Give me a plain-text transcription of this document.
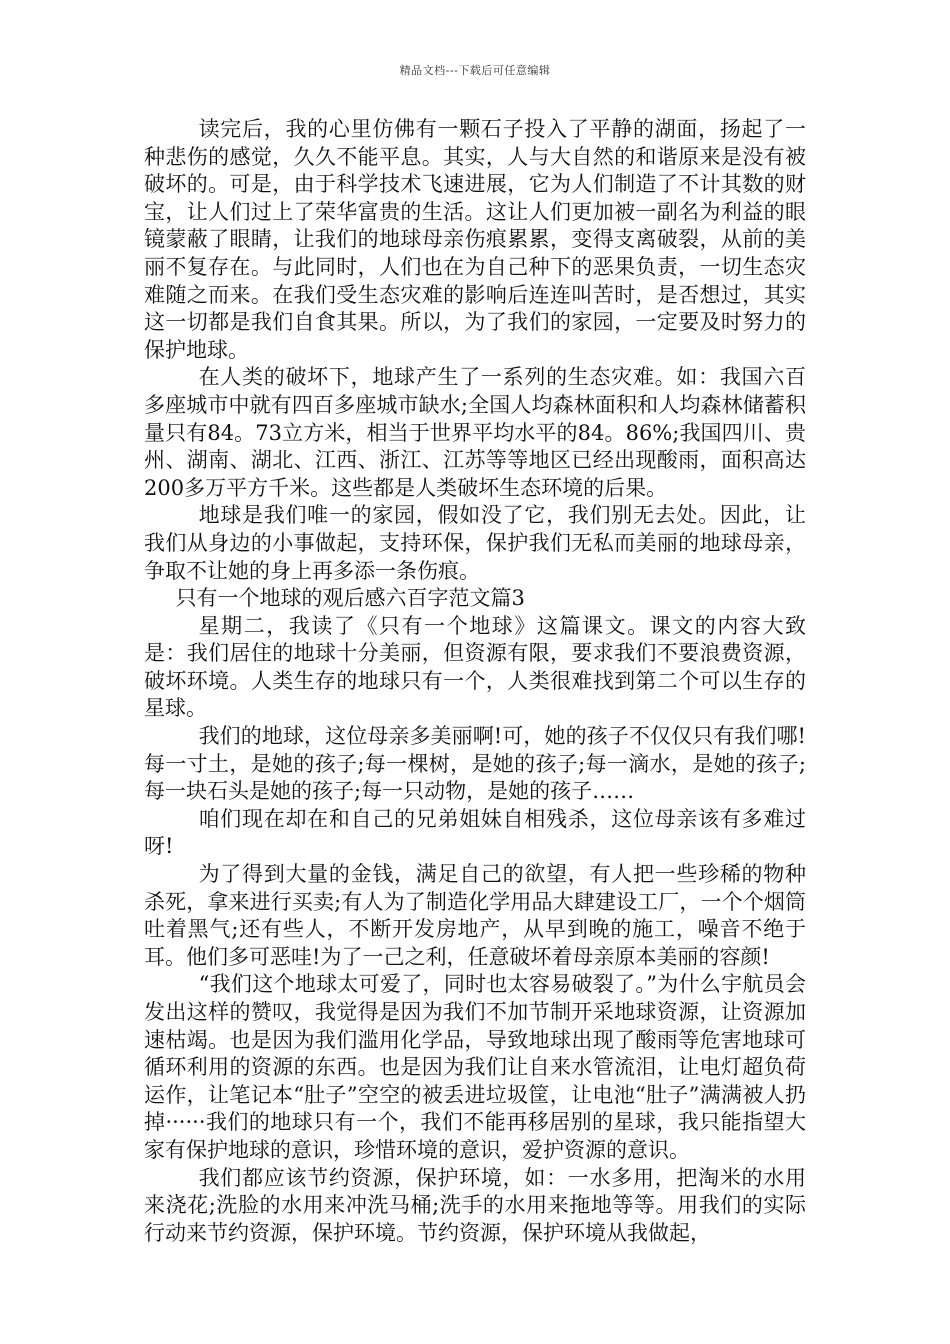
精品文档---下载后可任意编辑

读完后，我的心里仿佛有一颗石子投入了平静的湖面，扬起了一种悲伤的感觉，久久不能平息。其实，人与大自然的和谐原来是没有被破坏的。可是，由于科学技术飞速进展，它为人们制造了不计其数的财宝，让人们过上了荣华富贵的生活。这让人们更加被一副名为利益的眼镜蒙蔽了眼睛，让我们的地球母亲伤痕累累，变得支离破裂，从前的美丽不复存在。与此同时，人们也在为自己种下的恶果负责，一切生态灾难随之而来。在我们受生态灾难的影响后连连叫苦时，是否想过，其实这一切都是我们自食其果。所以，为了我们的家园，一定要及时努力的保护地球。

在人类的破坏下，地球产生了一系列的生态灾难。如：我国六百多座城市中就有四百多座城市缺水;全国人均森林面积和人均森林储蓄积量只有84。73立方米，相当于世界平均水平的84。86%;我国四川、贵州、湖南、湖北、江西、浙江、江苏等等地区已经出现酸雨，面积高达200多万平方千米。这些都是人类破坏生态环境的后果。

地球是我们唯一的家园，假如没了它，我们别无去处。因此，让我们从身边的小事做起，支持环保，保护我们无私而美丽的地球母亲，争取不让她的身上再多添一条伤痕。

只有一个地球的观后感六百字范文篇3

星期二，我读了《只有一个地球》这篇课文。课文的内容大致是：我们居住的地球十分美丽，但资源有限，要求我们不要浪费资源，破坏环境。人类生存的地球只有一个，人类很难找到第二个可以生存的星球。

我们的地球，这位母亲多美丽啊!可，她的孩子不仅仅只有我们哪!每一寸土，是她的孩子;每一棵树，是她的孩子;每一滴水，是她的孩子;每一块石头是她的孩子;每一只动物，是她的孩子……

咱们现在却在和自己的兄弟姐妹自相残杀，这位母亲该有多难过呀!

为了得到大量的金钱，满足自己的欲望，有人把一些珍稀的物种杀死，拿来进行买卖;有人为了制造化学用品大肆建设工厂，一个个烟筒吐着黑气;还有些人，不断开发房地产，从早到晚的施工，噪音不绝于耳。他们多可恶哇!为了一己之利，任意破坏着母亲原本美丽的容颜!

“我们这个地球太可爱了，同时也太容易破裂了。”为什么宇航员会发出这样的赞叹，我觉得是因为我们不加节制开采地球资源，让资源加速枯竭。也是因为我们滥用化学品，导致地球出现了酸雨等危害地球可循环利用的资源的东西。也是因为我们让自来水管流泪，让电灯超负荷运作，让笔记本“肚子”空空的被丢进垃圾筐，让电池“肚子”满满被人扔掉······我们的地球只有一个，我们不能再移居别的星球，我只能指望大家有保护地球的意识，珍惜环境的意识，爱护资源的意识。

我们都应该节约资源，保护环境，如：一水多用，把淘米的水用来浇花;洗脸的水用来冲洗马桶;洗手的水用来拖地等等。用我们的实际行动来节约资源，保护环境。节约资源，保护环境从我做起，
